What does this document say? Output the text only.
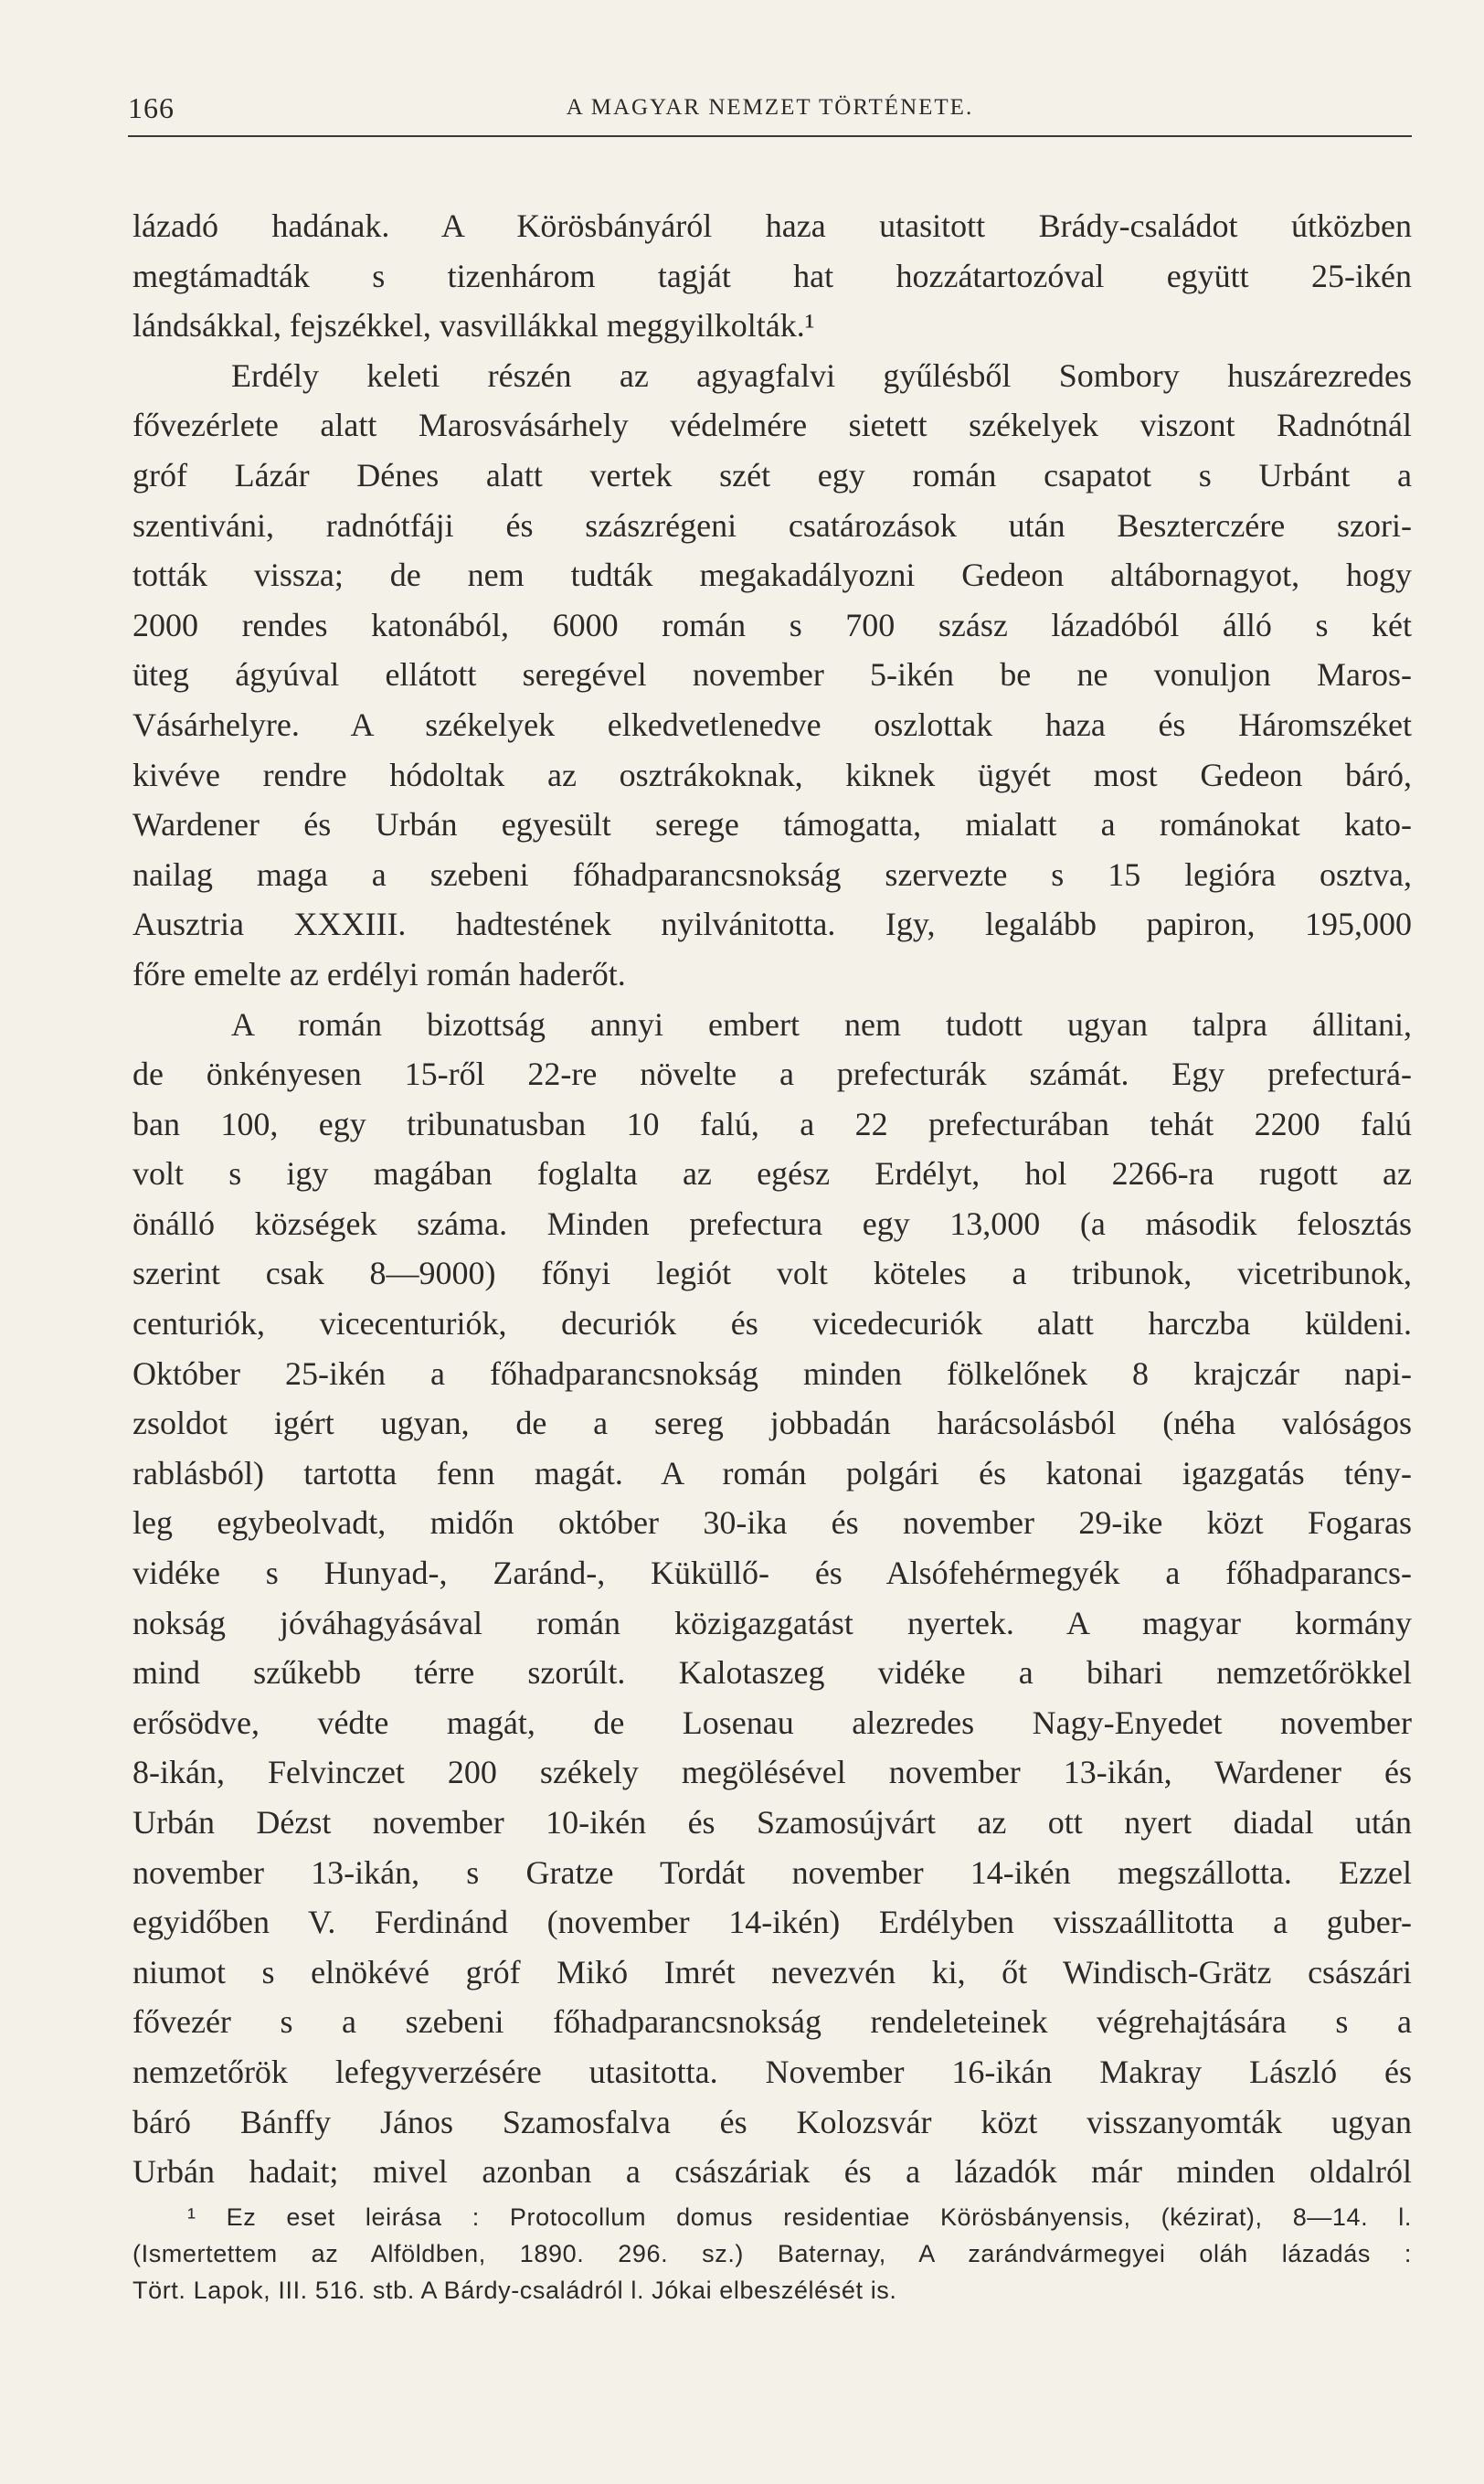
166	A MAGYAR NEMZET TÖRTÉNETE.
lázadó hadának. A Körösbányáról haza utasitott Brády-családot útközben
megtámadták s tizenhárom tagját hat hozzátartozóval együtt 25-ikén
lándsákkal, fejszékkel, vasvillákkal meggyilkolták.¹
Erdély keleti részén az agyagfalvi gyűlésből Sombory huszárezredes
fővezérlete alatt Marosvásárhely védelmére sietett székelyek viszont Radnótnál
gróf Lázár Dénes alatt vertek szét egy román csapatot s Urbánt a
szentiváni, radnótfáji és szászrégeni csatározások után Beszterczére szori-
tották vissza; de nem tudták megakadályozni Gedeon altábornagyot, hogy
2000 rendes katonából, 6000 román s 700 szász lázadóból álló s két
üteg ágyúval ellátott seregével november 5-ikén be ne vonuljon Maros-
Vásárhelyre. A székelyek elkedvetlenedve oszlottak haza és Háromszéket
kivéve rendre hódoltak az osztrákoknak, kiknek ügyét most Gedeon báró,
Wardener és Urbán egyesült serege támogatta, mialatt a románokat kato-
nailag maga a szebeni főhadparancsnokság szervezte s 15 legióra osztva,
Ausztria XXXIII. hadtestének nyilvánitotta. Igy, legalább papiron, 195,000
főre emelte az erdélyi román haderőt.
A román bizottság annyi embert nem tudott ugyan talpra állitani,
de önkényesen 15-ről 22-re növelte a prefecturák számát. Egy prefecturá-
ban 100, egy tribunatusban 10 falú, a 22 prefecturában tehát 2200 falú
volt s igy magában foglalta az egész Erdélyt, hol 2266-ra rugott az
önálló községek száma. Minden prefectura egy 13,000 (a második felosztás
szerint csak 8—9000) főnyi legiót volt köteles a tribunok, vicetribunok,
centuriók, vicecenturiók, decuriók és vicedecuriók alatt harczba küldeni.
Október 25-ikén a főhadparancsnokság minden fölkelőnek 8 krajczár napi-
zsoldot igért ugyan, de a sereg jobbadán harácsolásból (néha valóságos
rablásból) tartotta fenn magát. A román polgári és katonai igazgatás tény-
leg egybeolvadt, midőn október 30-ika és november 29-ike közt Fogaras
vidéke s Hunyad-, Zaránd-, Küküllő- és Alsófehérmegyék a főhadparancs-
nokság jóváhagyásával román közigazgatást nyertek. A magyar kormány
mind szűkebb térre szorúlt. Kalotaszeg vidéke a bihari nemzetőrökkel
erősödve, védte magát, de Losenau alezredes Nagy-Enyedet november
8-ikán, Felvinczet 200 székely megölésével november 13-ikán, Wardener és
Urbán Dézst november 10-ikén és Szamosújvárt az ott nyert diadal után
november 13-ikán, s Gratze Tordát november 14-ikén megszállotta. Ezzel
egyidőben V. Ferdinánd (november 14-ikén) Erdélyben visszaállitotta a guber-
niumot s elnökévé gróf Mikó Imrét nevezvén ki, őt Windisch-Grätz császári
fővezér s a szebeni főhadparancsnokság rendeleteinek végrehajtására s a
nemzetőrök lefegyverzésére utasitotta. November 16-ikán Makray László és
báró Bánffy János Szamosfalva és Kolozsvár közt visszanyomták ugyan
Urbán hadait; mivel azonban a császáriak és a lázadók már minden oldalról
¹ Ez eset leirása : Protocollum domus residentiae Körösbányensis, (kézirat), 8—14. l.
(Ismertettem az Alföldben, 1890. 296. sz.) Baternay, A zarándvármegyei oláh lázadás :
Tört. Lapok, III. 516. stb. A Bárdy-családról l. Jókai elbeszélését is.
